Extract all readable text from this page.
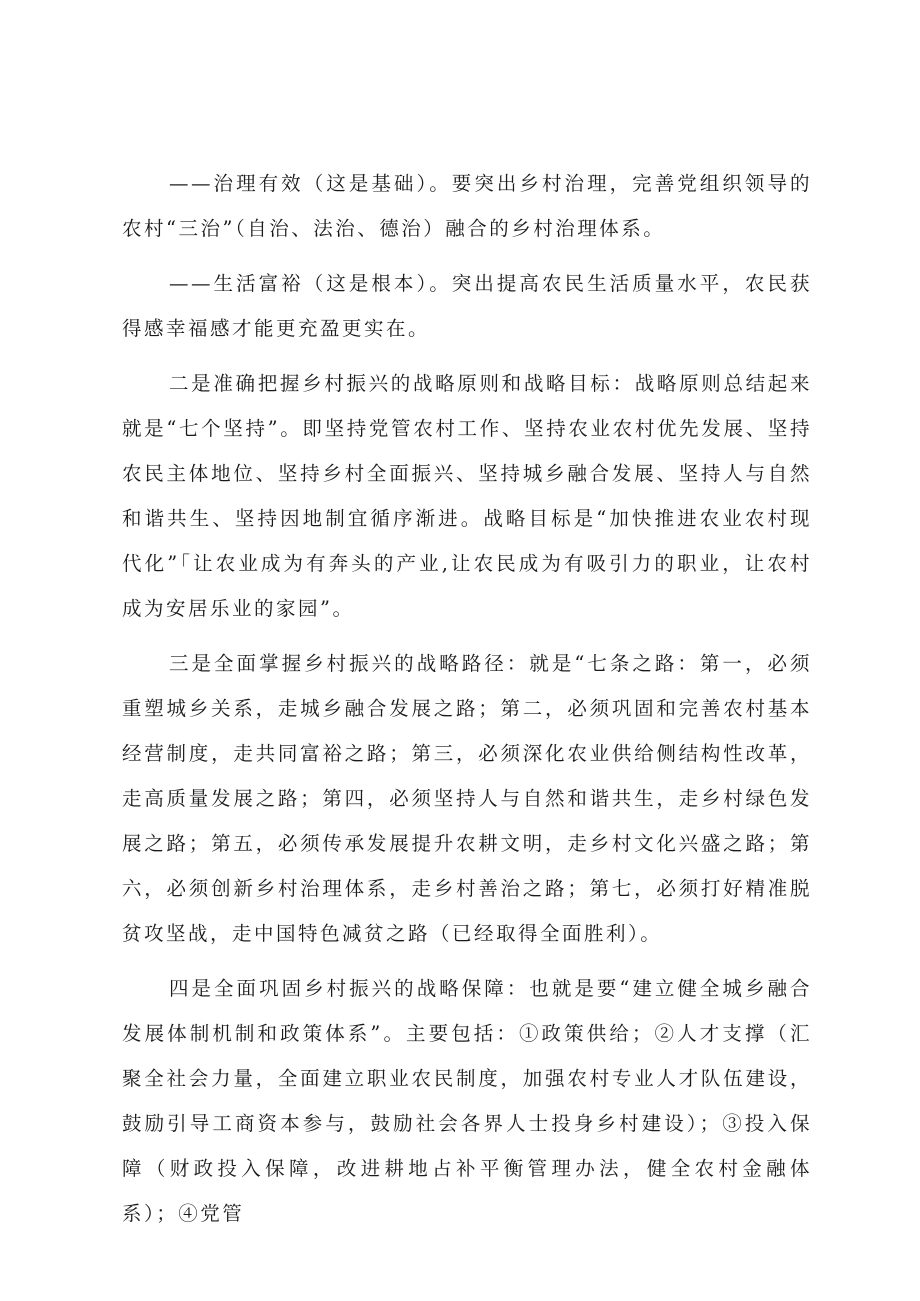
——治理有效（这是基础）。要突出乡村治理，完善党组织领导的农村“三治”（自治、法治、德治）融合的乡村治理体系。

——生活富裕（这是根本）。突出提高农民生活质量水平，农民获得感幸福感才能更充盈更实在。

二是准确把握乡村振兴的战略原则和战略目标：战略原则总结起来就是“七个坚持”。即坚持党管农村工作、坚持农业农村优先发展、坚持农民主体地位、坚持乡村全面振兴、坚持城乡融合发展、坚持人与自然和谐共生、坚持因地制宜循序渐进。战略目标是“加快推进农业农村现代化”「让农业成为有奔头的产业,让农民成为有吸引力的职业，让农村成为安居乐业的家园”。

三是全面掌握乡村振兴的战略路径：就是“七条之路：第一，必须重塑城乡关系，走城乡融合发展之路；第二，必须巩固和完善农村基本经营制度，走共同富裕之路；第三，必须深化农业供给侧结构性改革，走高质量发展之路；第四，必须坚持人与自然和谐共生，走乡村绿色发展之路；第五，必须传承发展提升农耕文明，走乡村文化兴盛之路；第六，必须创新乡村治理体系，走乡村善治之路；第七，必须打好精准脱贫攻坚战，走中国特色减贫之路（已经取得全面胜利）。

四是全面巩固乡村振兴的战略保障：也就是要“建立健全城乡融合发展体制机制和政策体系”。主要包括：①政策供给；②人才支撑（汇聚全社会力量，全面建立职业农民制度，加强农村专业人才队伍建设，鼓励引导工商资本参与，鼓励社会各界人士投身乡村建设）；③投入保障（财政投入保障，改进耕地占补平衡管理办法，健全农村金融体系）；④党管
